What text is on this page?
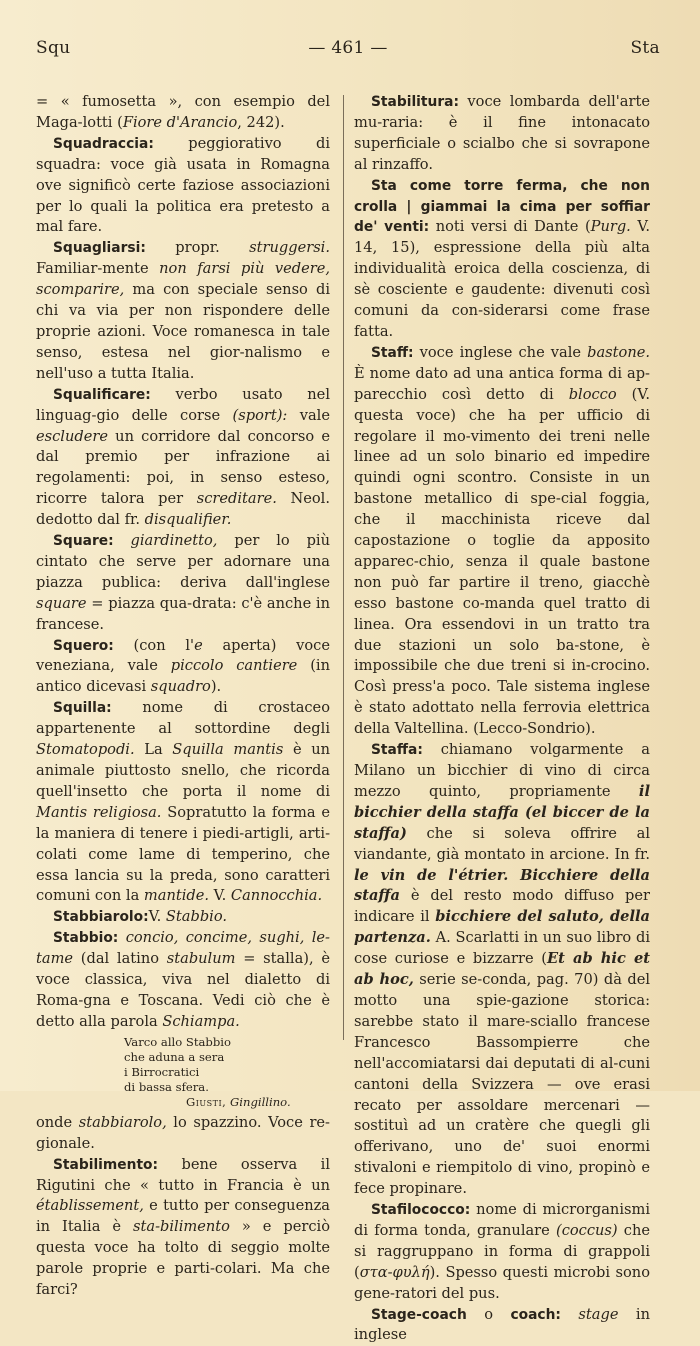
Squ	— 461 —	Sta

= « fumosetta », con esempio del Maga-lotti (Fiore d'Arancio, 242).

Squadraccia: peggiorativo di squadra: voce già usata in Romagna ove significò certe faziose associazioni per lo quali la politica era pretesto a mal fare.

Squagliarsi: propr. struggersi. Familiar-mente non farsi più vedere, scomparire, ma con speciale senso di chi va via per non rispondere delle proprie azioni. Voce romanesca in tale senso, estesa nel gior-nalismo e nell'uso a tutta Italia.

Squalificare: verbo usato nel linguag-gio delle corse (sport): vale escludere un corridore dal concorso e dal premio per infrazione ai regolamenti: poi, in senso esteso, ricorre talora per screditare. Neol. dedotto dal fr. disqualifier.

Square: giardinetto, per lo più cintato che serve per adornare una piazza publica: deriva dall'inglese square = piazza qua-drata: c'è anche in francese.

Squero: (con l'e aperta) voce veneziana, vale piccolo cantiere (in antico dicevasi squadro).

Squilla: nome di crostaceo appartenente al sottordine degli Stomatopodi. La Squilla mantis è un animale piuttosto snello, che ricorda quell'insetto che porta il nome di Mantis religiosa. Sopratutto la forma e la maniera di tenere i piedi-artigli, arti-colati come lame di temperino, che essa lancia su la preda, sono caratteri comuni con la mantide. V. Cannocchia.

Stabbiarolo:V. Stabbio.

Stabbio: concio, concime, sughi, le-tame (dal latino stabulum = stalla), è voce classica, viva nel dialetto di Roma-gna e Toscana. Vedi ciò che è detto alla parola Schiampa.

Varco allo Stabbio
che aduna a sera
i Birrocratici
di bassa sfera.
Giusti, Gingillino.

onde stabbiarolo, lo spazzino. Voce re-gionale.

Stabilimento: bene osserva il Rigutini che « tutto in Francia è un établissement, e tutto per conseguenza in Italia è sta-bilimento » e perciò questa voce ha tolto di seggio molte parole proprie e parti-colari. Ma che farci?

Stabilitura: voce lombarda dell'arte mu-raria: è il fine intonacato superficiale o scialbo che si sovrapone al rinzaffo.

Sta come torre ferma, che non crolla | giammai la cima per soffiar de' venti: noti versi di Dante (Purg. V. 14, 15), espressione della più alta individualità eroica della coscienza, di sè cosciente e gaudente: divenuti così comuni da con-siderarsi come frase fatta.

Staff: voce inglese che vale bastone. È nome dato ad una antica forma di ap-parecchio così detto di blocco (V. questa voce) che ha per ufficio di regolare il mo-vimento dei treni nelle linee ad un solo binario ed impedire quindi ogni scontro. Consiste in un bastone metallico di spe-cial foggia, che il macchinista riceve dal capostazione o toglie da apposito apparec-chio, senza il quale bastone non può far partire il treno, giacchè esso bastone co-manda quel tratto di linea. Ora essendovi in un tratto tra due stazioni un solo ba-stone, è impossibile che due treni si in-crocino. Così press'a poco. Tale sistema inglese è stato adottato nella ferrovia elettrica della Valtellina. (Lecco-Sondrio).

Staffa: chiamano volgarmente a Milano un bicchier di vino di circa mezzo quinto, propriamente il bicchier della staffa (el biccer de la staffa) che si soleva offrire al viandante, già montato in arcione. In fr. le vin de l'étrier. Bicchiere della staffa è del resto modo diffuso per indicare il bicchiere del saluto, della partenza. A. Scarlatti in un suo libro di cose curiose e bizzarre (Et ab hic et ab hoc, serie se-conda, pag. 70) dà del motto una spie-gazione storica: sarebbe stato il mare-sciallo francese Francesco Bassompierre che nell'accomiatarsi dai deputati di al-cuni cantoni della Svizzera — ove erasi recato per assoldare mercenari — sostituì ad un cratère che quegli gli offerivano, uno de' suoi enormi stivaloni e riempitolo di vino, propinò e fece propinare.

Stafilococco: nome di microrganismi di forma tonda, granulare (coccus) che si raggruppano in forma di grappoli (στα-φυλή). Spesso questi microbi sono gene-ratori del pus.

Stage-coach o coach: stage in inglese
